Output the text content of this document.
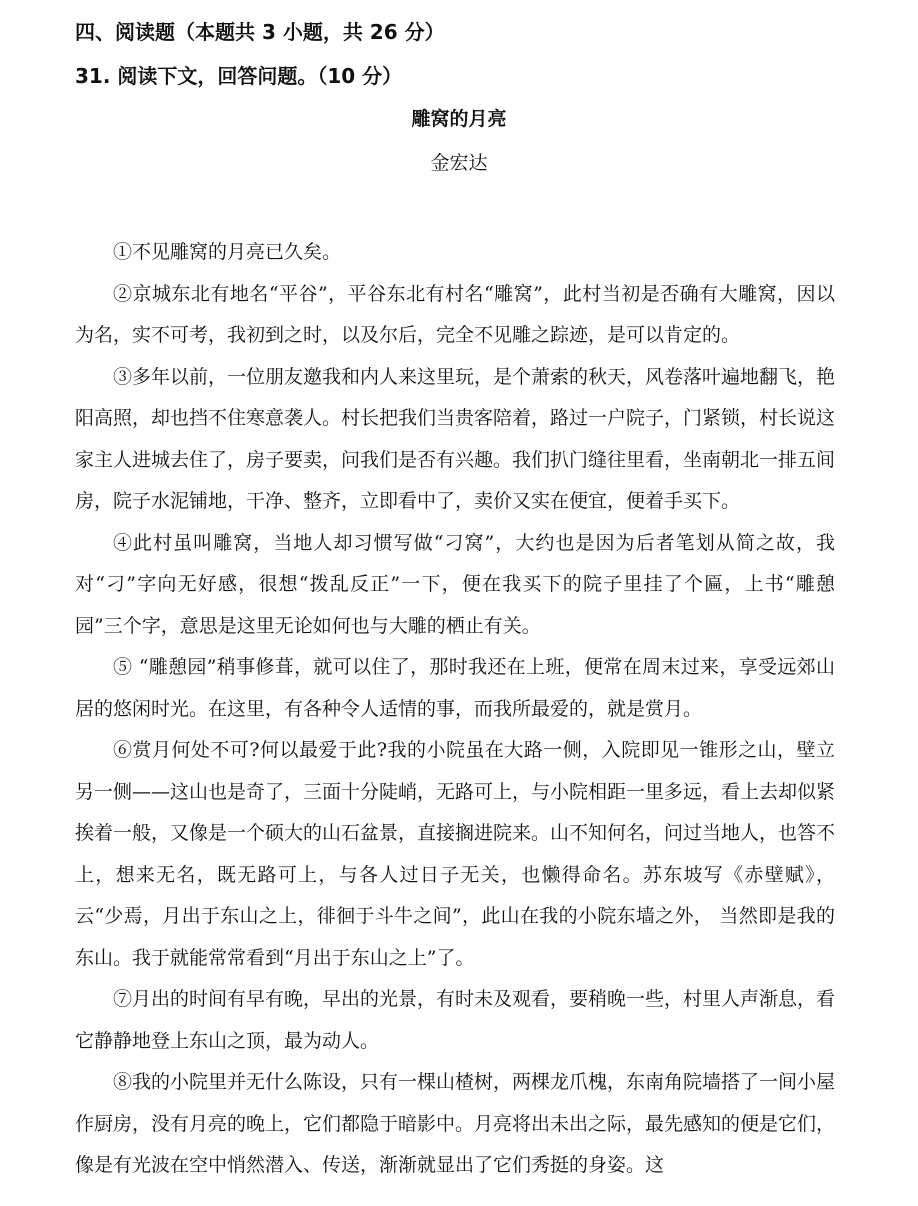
四、阅读题（本题共 3 小题，共 26 分）
31. 阅读下文，回答问题。（10 分）
雕窝的月亮
金宏达

①不见雕窝的月亮已久矣。

②京城东北有地名“平谷”，平谷东北有村名“雕窝”，此村当初是否确有大雕窝，因以为名，实不可考，我初到之时，以及尔后，完全不见雕之踪迹，是可以肯定的。

③多年以前，一位朋友邀我和内人来这里玩，是个萧索的秋天，风卷落叶遍地翻飞，艳阳高照，却也挡不住寒意袭人。村长把我们当贵客陪着，路过一户院子，门紧锁，村长说这家主人进城去住了，房子要卖，问我们是否有兴趣。我们扒门缝往里看，坐南朝北一排五间房，院子水泥铺地，干净、整齐，立即看中了，卖价又实在便宜，便着手买下。

④此村虽叫雕窝，当地人却习惯写做“刁窝”，大约也是因为后者笔划从简之故，我对“刁”字向无好感，很想“拨乱反正”一下，便在我买下的院子里挂了个匾，上书“雕憩园”三个字，意思是这里无论如何也与大雕的栖止有关。

⑤ “雕憩园”稍事修葺，就可以住了，那时我还在上班，便常在周末过来，享受远郊山居的悠闲时光。在这里，有各种令人适情的事，而我所最爱的，就是赏月。

⑥赏月何处不可?何以最爱于此?我的小院虽在大路一侧，入院即见一锥形之山，壁立另一侧——这山也是奇了，三面十分陡峭，无路可上，与小院相距一里多远，看上去却似紧挨着一般，又像是一个硕大的山石盆景，直接搁进院来。山不知何名，问过当地人，也答不上，想来无名，既无路可上，与各人过日子无关，也懒得命名。苏东坡写《赤壁赋》，云“少焉，月出于东山之上，徘徊于斗牛之间”，此山在我的小院东墙之外， 当然即是我的东山。我于就能常常看到“月出于东山之上”了。

⑦月出的时间有早有晚，早出的光景，有时未及观看，要稍晚一些，村里人声渐息，看它静静地登上东山之顶，最为动人。

⑧我的小院里并无什么陈设，只有一棵山楂树，两棵龙爪槐，东南角院墙搭了一间小屋作厨房，没有月亮的晚上，它们都隐于暗影中。月亮将出未出之际，最先感知的便是它们，像是有光波在空中悄然潜入、传送，渐渐就显出了它们秀挺的身姿。这
